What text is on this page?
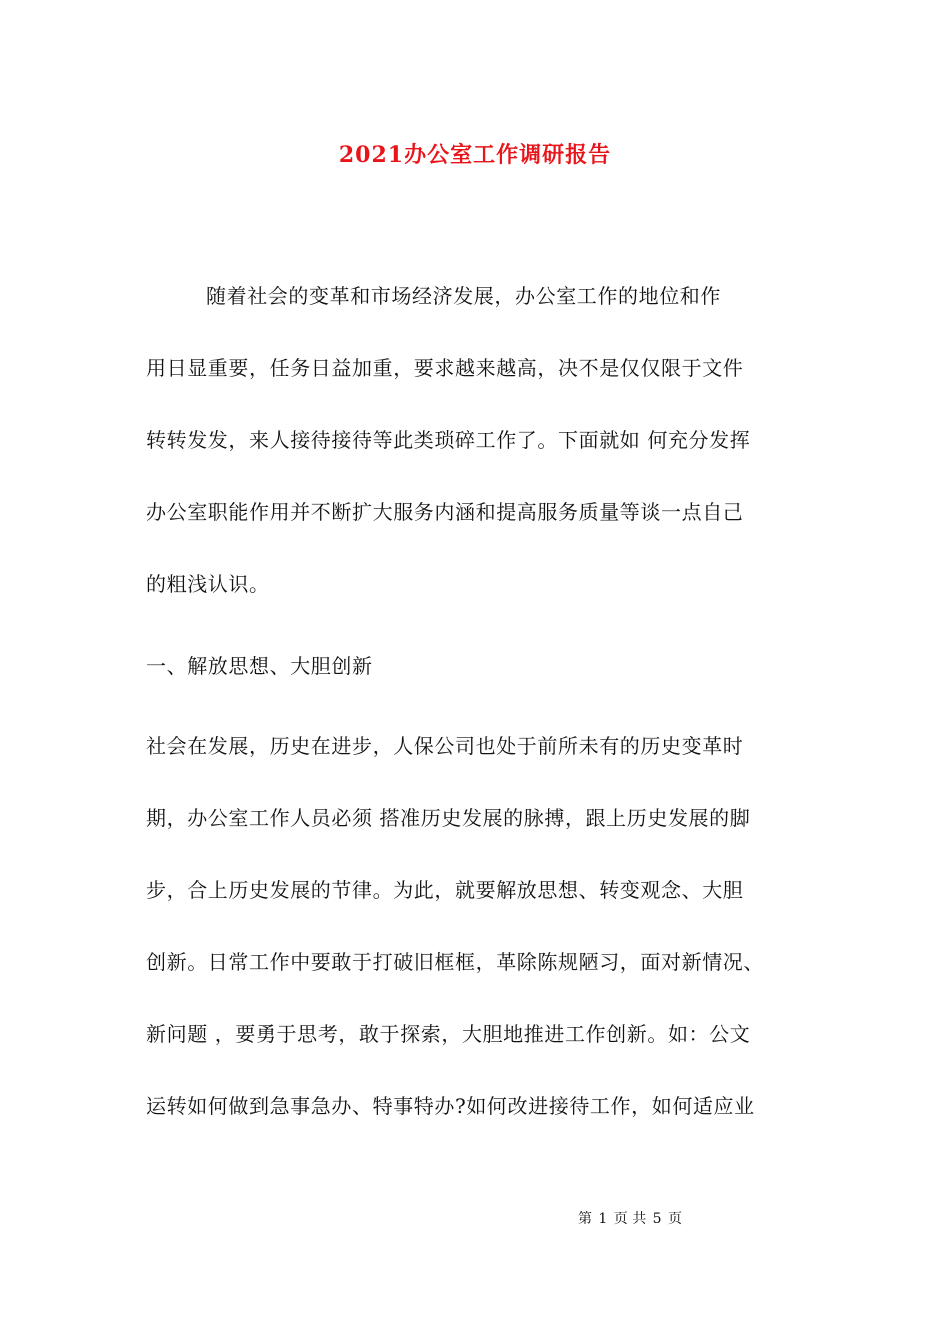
2021办公室工作调研报告
随着社会的变革和市场经济发展，办公室工作的地位和作
用日显重要，任务日益加重，要求越来越高，决不是仅仅限于文件
转转发发，来人接待接待等此类琐碎工作了。下面就如 何充分发挥
办公室职能作用并不断扩大服务内涵和提高服务质量等谈一点自己
的粗浅认识。
一、解放思想、大胆创新
社会在发展，历史在进步，人保公司也处于前所未有的历史变革时
期，办公室工作人员必须 搭准历史发展的脉搏，跟上历史发展的脚
步，合上历史发展的节律。为此，就要解放思想、转变观念、大胆
创新。日常工作中要敢于打破旧框框，革除陈规陋习，面对新情况、
新问题 ，要勇于思考，敢于探索，大胆地推进工作创新。如：公文
运转如何做到急事急办、特事特办?如何改进接待工作，如何适应业
第 1 页 共 5 页
